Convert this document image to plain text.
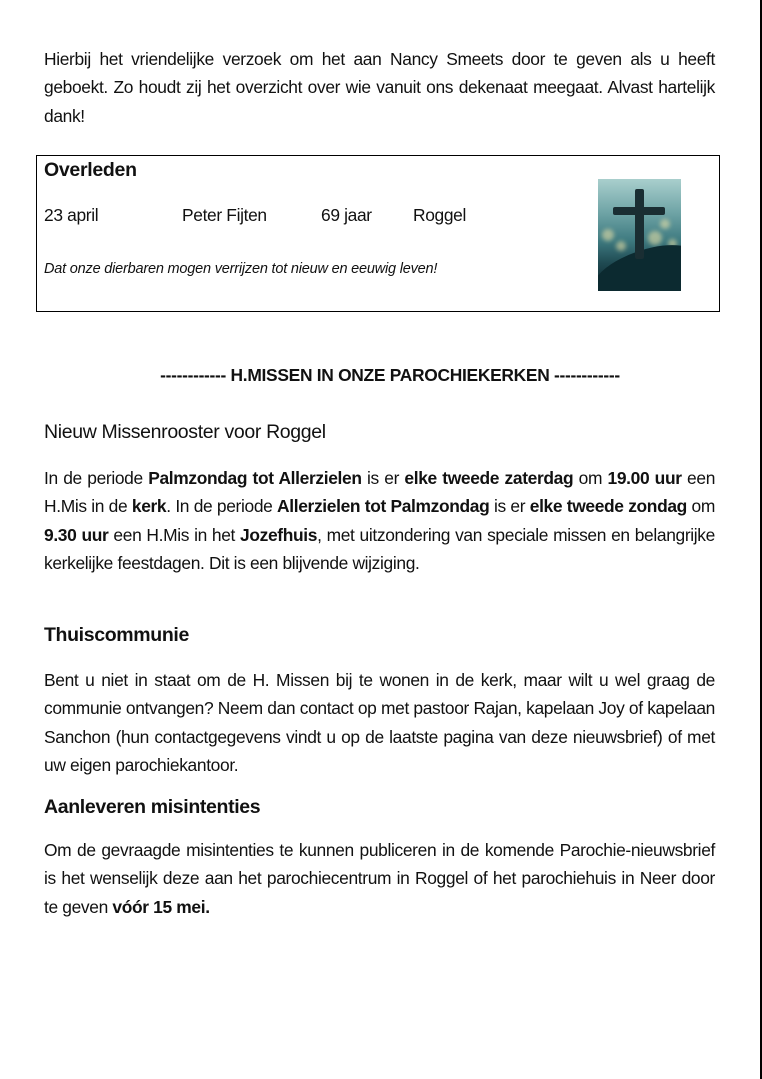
Hierbij het vriendelijke verzoek om het aan Nancy Smeets door te geven als u heeft geboekt. Zo houdt zij het overzicht over wie vanuit ons dekenaat meegaat. Alvast hartelijk dank!

Overleden
23 april	Peter Fijten	69 jaar Roggel
Dat onze dierbaren mogen verrijzen tot nieuw en eeuwig leven!
------------ H.MISSEN IN ONZE PAROCHIEKERKEN ------------
Nieuw Missenrooster voor Roggel

In de periode Palmzondag tot Allerzielen is er elke tweede zaterdag om 19.00 uur een H.Mis in de kerk. In de periode Allerzielen tot Palmzondag is er elke tweede zondag om 9.30 uur een H.Mis in het Jozefhuis, met uitzondering van speciale missen en belangrijke kerkelijke feestdagen. Dit is een blijvende wijziging.

Thuiscommunie

Bent u niet in staat om de H. Missen bij te wonen in de kerk, maar wilt u wel graag de communie ontvangen? Neem dan contact op met pastoor Rajan, kapelaan Joy of kapelaan Sanchon (hun contactgegevens vindt u op de laatste pagina van deze nieuwsbrief) of met uw eigen parochiekantoor.

Aanleveren misintenties

Om de gevraagde misintenties te kunnen publiceren in de komende Parochie-nieuwsbrief is het wenselijk deze aan het parochiecentrum in Roggel of het parochiehuis in Neer door te geven vóór 15 mei.
